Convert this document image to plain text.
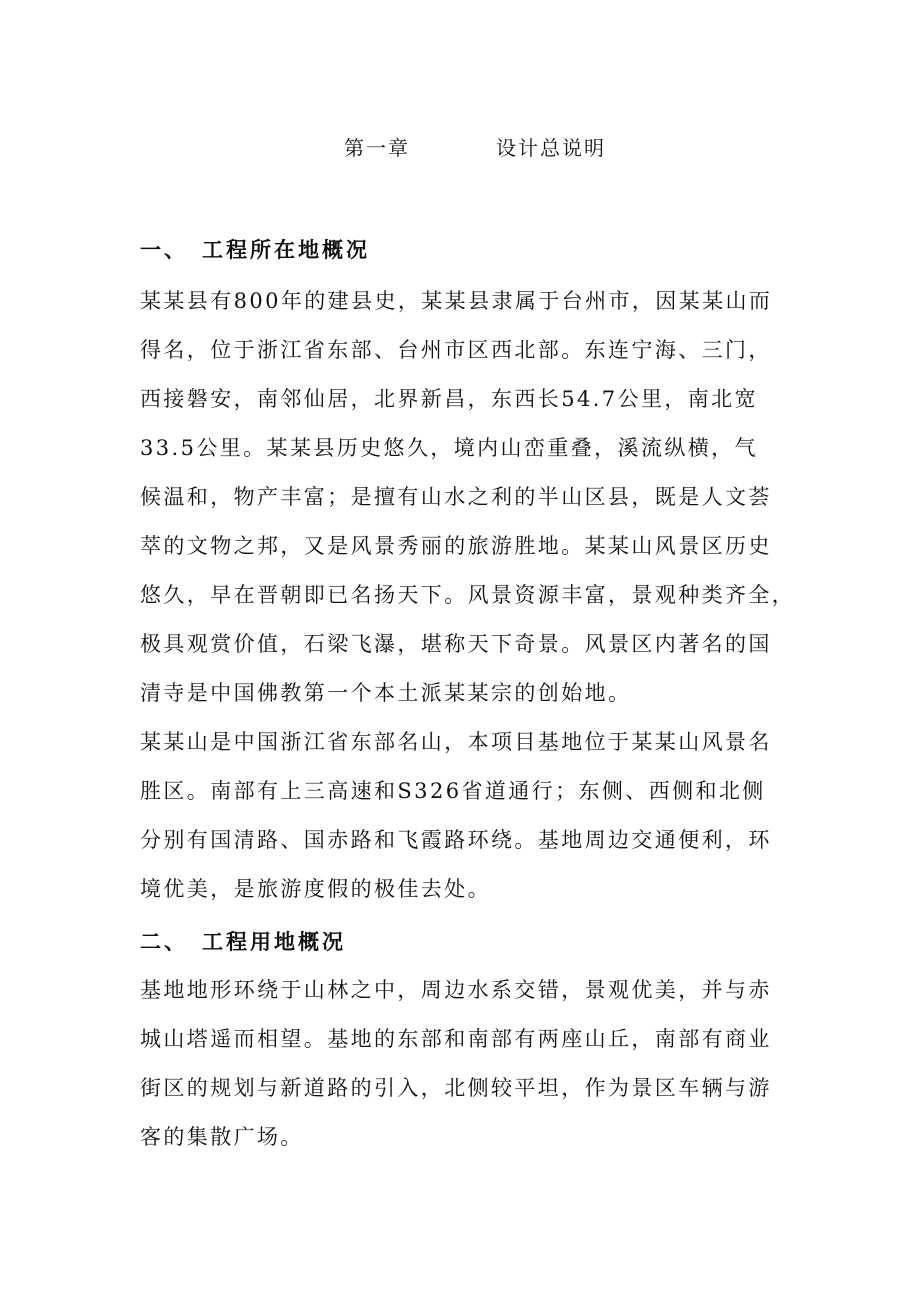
第一章	设计总说明
一、 工程所在地概况
某某县有800年的建县史，某某县隶属于台州市，因某某山而
得名，位于浙江省东部、台州市区西北部。东连宁海、三门，
西接磐安，南邻仙居，北界新昌，东西长54.7公里，南北宽
33.5公里。某某县历史悠久，境内山峦重叠，溪流纵横，气
候温和，物产丰富；是擅有山水之利的半山区县，既是人文荟
萃的文物之邦，又是风景秀丽的旅游胜地。某某山风景区历史
悠久，早在晋朝即已名扬天下。风景资源丰富，景观种类齐全，
极具观赏价值，石梁飞瀑，堪称天下奇景。风景区内著名的国
清寺是中国佛教第一个本土派某某宗的创始地。
某某山是中国浙江省东部名山，本项目基地位于某某山风景名
胜区。南部有上三高速和S326省道通行；东侧、西侧和北侧
分别有国清路、国赤路和飞霞路环绕。基地周边交通便利，环
境优美，是旅游度假的极佳去处。
二、 工程用地概况
基地地形环绕于山林之中，周边水系交错，景观优美，并与赤
城山塔遥而相望。基地的东部和南部有两座山丘，南部有商业
街区的规划与新道路的引入，北侧较平坦，作为景区车辆与游
客的集散广场。
